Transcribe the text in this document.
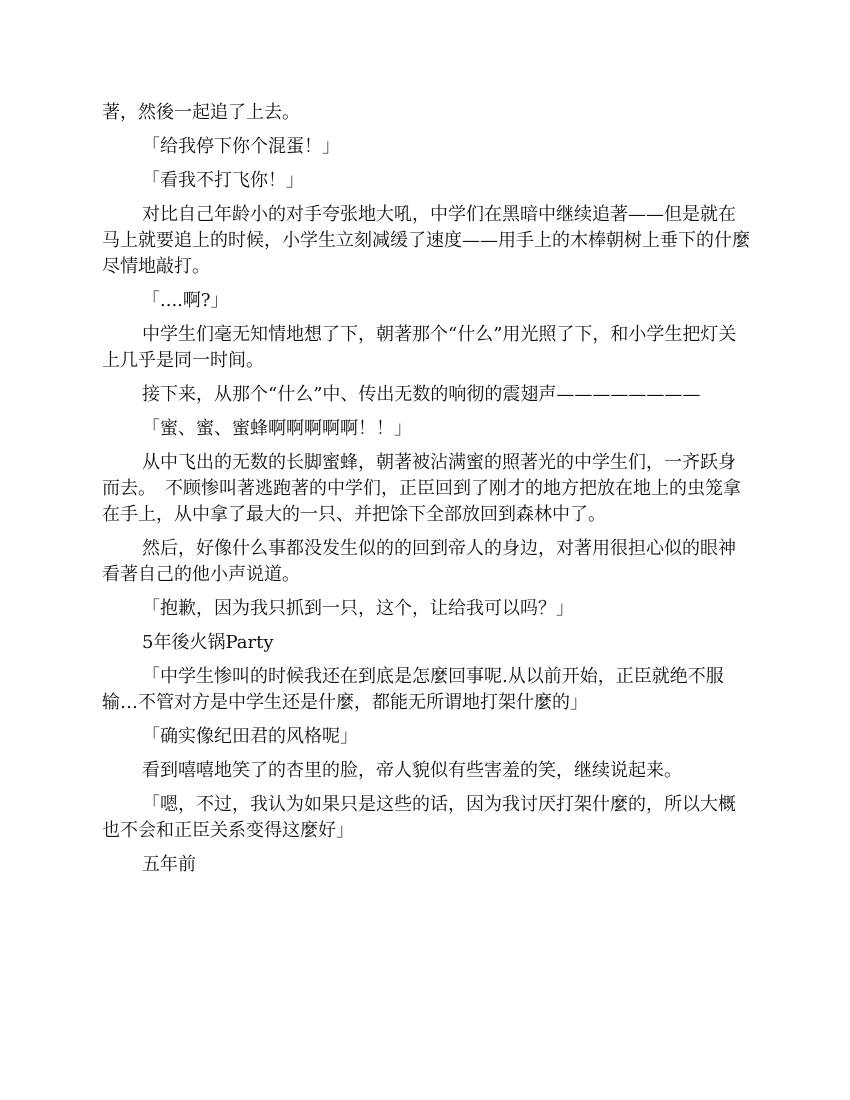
著，然後一起追了上去。

「给我停下你个混蛋！」

「看我不打飞你！」

对比自己年龄小的对手夸张地大吼，中学们在黑暗中继续追著——但是就在马上就要追上的时候，小学生立刻减缓了速度——用手上的木棒朝树上垂下的什麼尽情地敲打。

「....啊?」

中学生们毫无知情地想了下，朝著那个“什么”用光照了下，和小学生把灯关上几乎是同一时间。

接下来，从那个“什么”中、传出无数的响彻的震翅声————————

「蜜、蜜、蜜蜂啊啊啊啊啊！！」

从中飞出的无数的长脚蜜蜂，朝著被沾满蜜的照著光的中学生们，一齐跃身而去。　不顾惨叫著逃跑著的中学们，正臣回到了刚才的地方把放在地上的虫笼拿在手上，从中拿了最大的一只、并把馀下全部放回到森林中了。

然后，好像什么事都没发生似的的回到帝人的身边，对著用很担心似的眼神看著自己的他小声说道。

「抱歉，因为我只抓到一只，这个，让给我可以吗？」

5年後火锅Party

「中学生惨叫的时候我还在到底是怎麼回事呢.从以前开始，正臣就绝不服输…不管对方是中学生还是什麼，都能无所谓地打架什麼的」

「确实像纪田君的风格呢」

看到嘻嘻地笑了的杏里的脸，帝人貌似有些害羞的笑，继续说起来。

「嗯，不过，我认为如果只是这些的话，因为我讨厌打架什麼的，所以大概也不会和正臣关系变得这麼好」

五年前
